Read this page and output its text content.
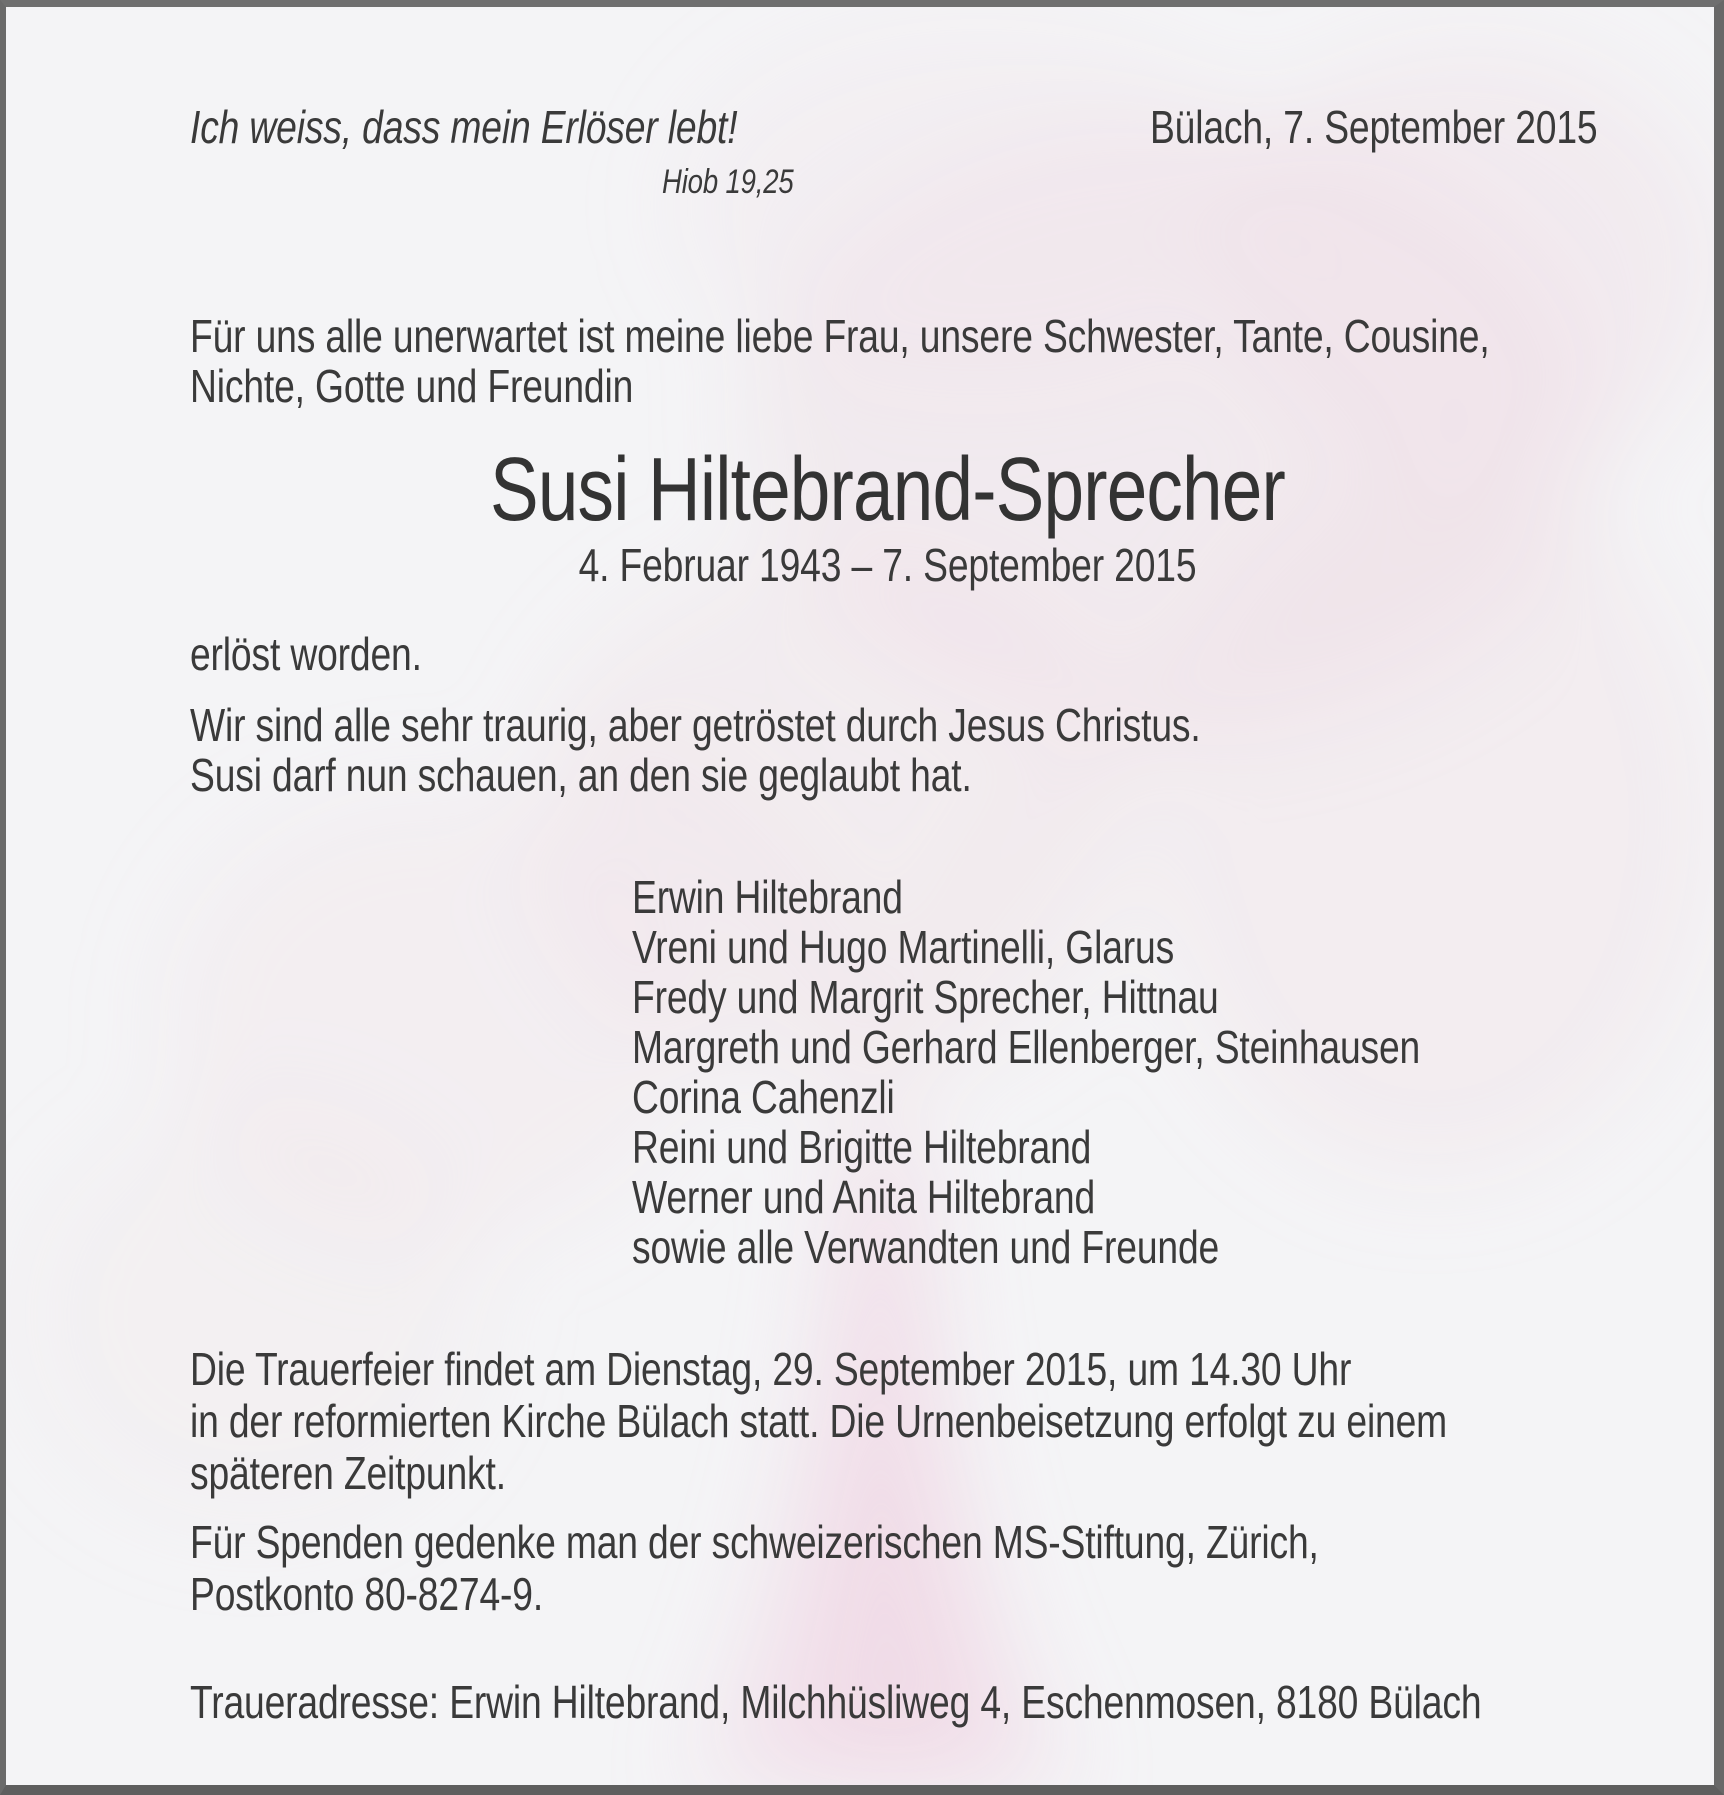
Ich weiss, dass mein Erlöser lebt!	Bülach, 7. September 2015
Hiob 19,25
Für uns alle unerwartet ist meine liebe Frau, unsere Schwester, Tante, Cousine,
Nichte, Gotte und Freundin
Susi Hiltebrand-Sprecher
4. Februar 1943 – 7. September 2015
erlöst worden.
Wir sind alle sehr traurig, aber getröstet durch Jesus Christus.
Susi darf nun schauen, an den sie geglaubt hat.
Erwin Hiltebrand
Vreni und Hugo Martinelli, Glarus
Fredy und Margrit Sprecher, Hittnau
Margreth und Gerhard Ellenberger, Steinhausen
Corina Cahenzli
Reini und Brigitte Hiltebrand
Werner und Anita Hiltebrand
sowie alle Verwandten und Freunde
Die Trauerfeier findet am Dienstag, 29. September 2015, um 14.30 Uhr
in der reformierten Kirche Bülach statt. Die Urnenbeisetzung erfolgt zu einem
späteren Zeitpunkt.
Für Spenden gedenke man der schweizerischen MS-Stiftung, Zürich,
Postkonto 80-8274-9.
Traueradresse: Erwin Hiltebrand, Milchhüsliweg 4, Eschenmosen, 8180 Bülach
